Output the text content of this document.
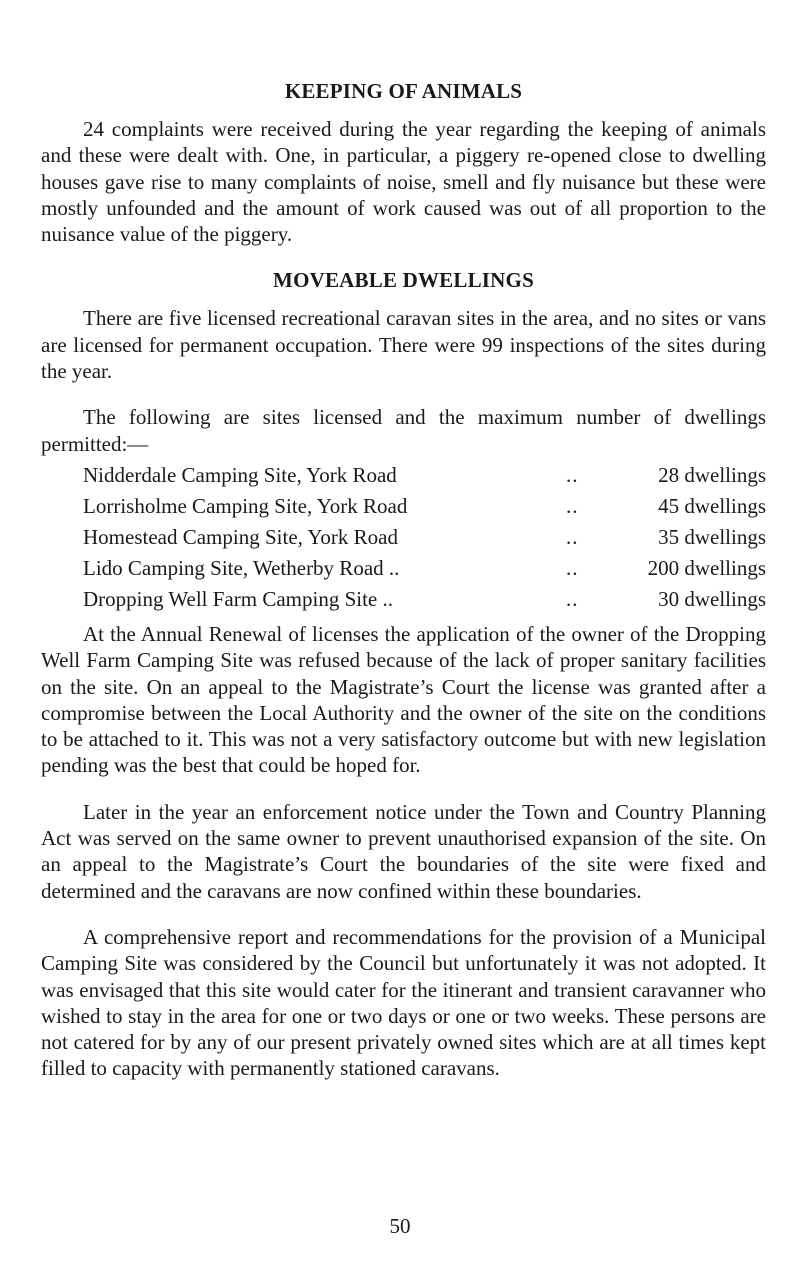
KEEPING OF ANIMALS

24 complaints were received during the year regarding the keeping of animals and these were dealt with. One, in particular, a piggery re-opened close to dwelling houses gave rise to many complaints of noise, smell and fly nuisance but these were mostly unfounded and the amount of work caused was out of all proportion to the nuisance value of the piggery.

MOVEABLE DWELLINGS

There are five licensed recreational caravan sites in the area, and no sites or vans are licensed for permanent occupation. There were 99 inspections of the sites during the year.

The following are sites licensed and the maximum number of dwellings permitted:—

Nidderdale Camping Site, York Road	..	28 dwellings
Lorrisholme Camping Site, York Road	..	45 dwellings
Homestead Camping Site, York Road	..	35 dwellings
Lido Camping Site, Wetherby Road ..	..	200 dwellings
Dropping Well Farm Camping Site ..	..	30 dwellings

At the Annual Renewal of licenses the application of the owner of the Dropping Well Farm Camping Site was refused because of the lack of proper sanitary facilities on the site. On an appeal to the Magistrate’s Court the license was granted after a compromise between the Local Authority and the owner of the site on the conditions to be attached to it. This was not a very satisfactory outcome but with new legislation pending was the best that could be hoped for.

Later in the year an enforcement notice under the Town and Country Planning Act was served on the same owner to prevent unauthorised expansion of the site. On an appeal to the Magistrate’s Court the boundaries of the site were fixed and determined and the caravans are now confined within these boundaries.

A comprehensive report and recommendations for the provision of a Municipal Camping Site was considered by the Council but unfortunately it was not adopted. It was envisaged that this site would cater for the itinerant and transient caravanner who wished to stay in the area for one or two days or one or two weeks. These persons are not catered for by any of our present privately owned sites which are at all times kept filled to capacity with permanently stationed caravans.

50
